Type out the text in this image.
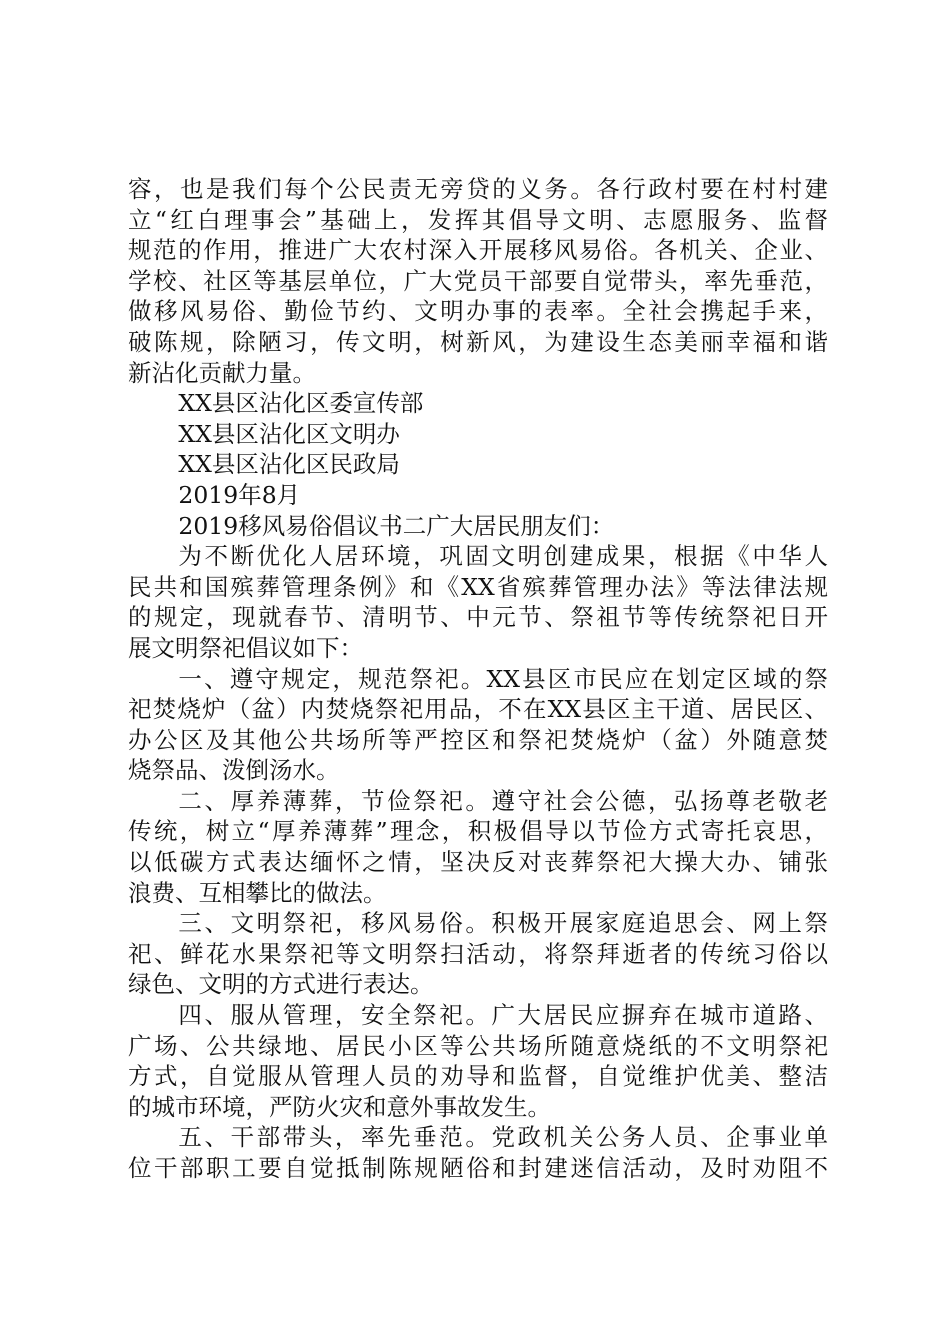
容，也是我们每个公民责无旁贷的义务。各行政村要在村村建
立“红白理事会”基础上，发挥其倡导文明、志愿服务、监督
规范的作用，推进广大农村深入开展移风易俗。各机关、企业、
学校、社区等基层单位，广大党员干部要自觉带头，率先垂范，
做移风易俗、勤俭节约、文明办事的表率。全社会携起手来，
破陈规，除陋习，传文明，树新风，为建设生态美丽幸福和谐
新沾化贡献力量。
XX县区沾化区委宣传部
XX县区沾化区文明办
XX县区沾化区民政局
2019年8月
2019移风易俗倡议书二广大居民朋友们：
为不断优化人居环境，巩固文明创建成果，根据《中华人
民共和国殡葬管理条例》和《XX省殡葬管理办法》等法律法规
的规定，现就春节、清明节、中元节、祭祖节等传统祭祀日开
展文明祭祀倡议如下：
一、遵守规定，规范祭祀。XX县区市民应在划定区域的祭
祀焚烧炉（盆）内焚烧祭祀用品，不在XX县区主干道、居民区、
办公区及其他公共场所等严控区和祭祀焚烧炉（盆）外随意焚
烧祭品、泼倒汤水。
二、厚养薄葬，节俭祭祀。遵守社会公德，弘扬尊老敬老
传统，树立“厚养薄葬”理念，积极倡导以节俭方式寄托哀思，
以低碳方式表达缅怀之情，坚决反对丧葬祭祀大操大办、铺张
浪费、互相攀比的做法。
三、文明祭祀，移风易俗。积极开展家庭追思会、网上祭
祀、鲜花水果祭祀等文明祭扫活动，将祭拜逝者的传统习俗以
绿色、文明的方式进行表达。
四、服从管理，安全祭祀。广大居民应摒弃在城市道路、
广场、公共绿地、居民小区等公共场所随意烧纸的不文明祭祀
方式，自觉服从管理人员的劝导和监督，自觉维护优美、整洁
的城市环境，严防火灾和意外事故发生。
五、干部带头，率先垂范。党政机关公务人员、企事业单
位干部职工要自觉抵制陈规陋俗和封建迷信活动，及时劝阻不
